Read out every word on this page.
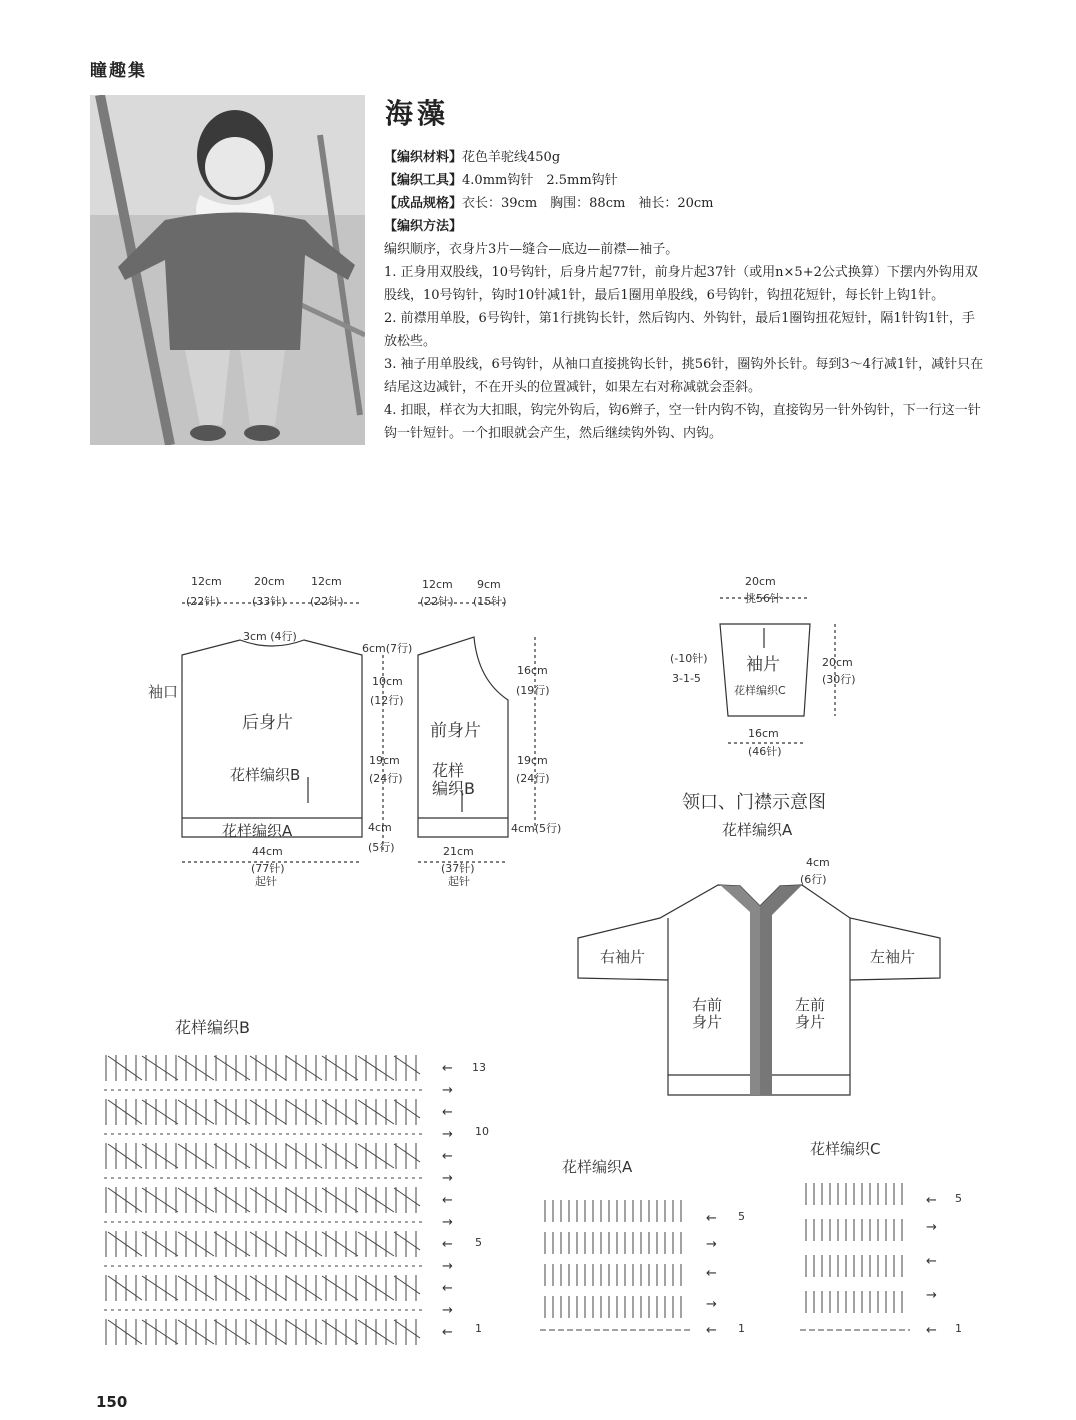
瞳趣集
海藻
【编织材料】花色羊驼线450g
【编织工具】4.0mm钩针　2.5mm钩针
【成品规格】衣长：39cm　胸围：88cm　袖长：20cm
【编织方法】

编织顺序，衣身片3片—缝合—底边—前襟—袖子。

1. 正身用双股线，10号钩针，后身片起77针，前身片起37针（或用n×5+2公式换算）下摆内外钩用双股线，10号钩针，钩时10针减1针，最后1圈用单股线，6号钩针，钩扭花短针，每长针上钩1针。

2. 前襟用单股，6号钩针，第1行挑钩长针，然后钩内、外钩针，最后1圈钩扭花短针，隔1针钩1针，手放松些。

3. 袖子用单股线，6号钩针，从袖口直接挑钩长针，挑56针，圈钩外长针。每到3～4行减1针，减针只在结尾这边减针，不在开头的位置减针，如果左右对称减就会歪斜。

4. 扣眼，样衣为大扣眼，钩完外钩后，钩6辫子，空一针内钩不钩，直接钩另一针外钩针，下一行这一针钩一针短针。一个扣眼就会产生，然后继续钩外钩、内钩。

←
→
←
→
←
→
←
→
←
→
←
→
←
←
→
←
→
←
←
→
←
→
←
12cm
(22针)
20cm
(33针)
12cm
(22针)
3cm (4行)
袖口
后身片
花样编织B
花样编织A
6cm(7行)
10cm
(12行)
19cm
(24行)
4cm
(5行)
44cm
(77针)
起针
12cm
(22针)
9cm
(15针)
前身片
花样
编织B
16cm
(19行)
19cm
(24行)
4cm(5行)
21cm
(37针)
起针
20cm
挑56针
(-10针)
3-1-5
袖片
花样编织C
20cm
(30行)
16cm
(46针)
领口、门襟示意图
花样编织A
4cm
(6行)
右袖片	左袖片
右前
身片
左前
身片
花样编织B
13
10
5
1
花样编织A
5
1
花样编织C
5
1
150
